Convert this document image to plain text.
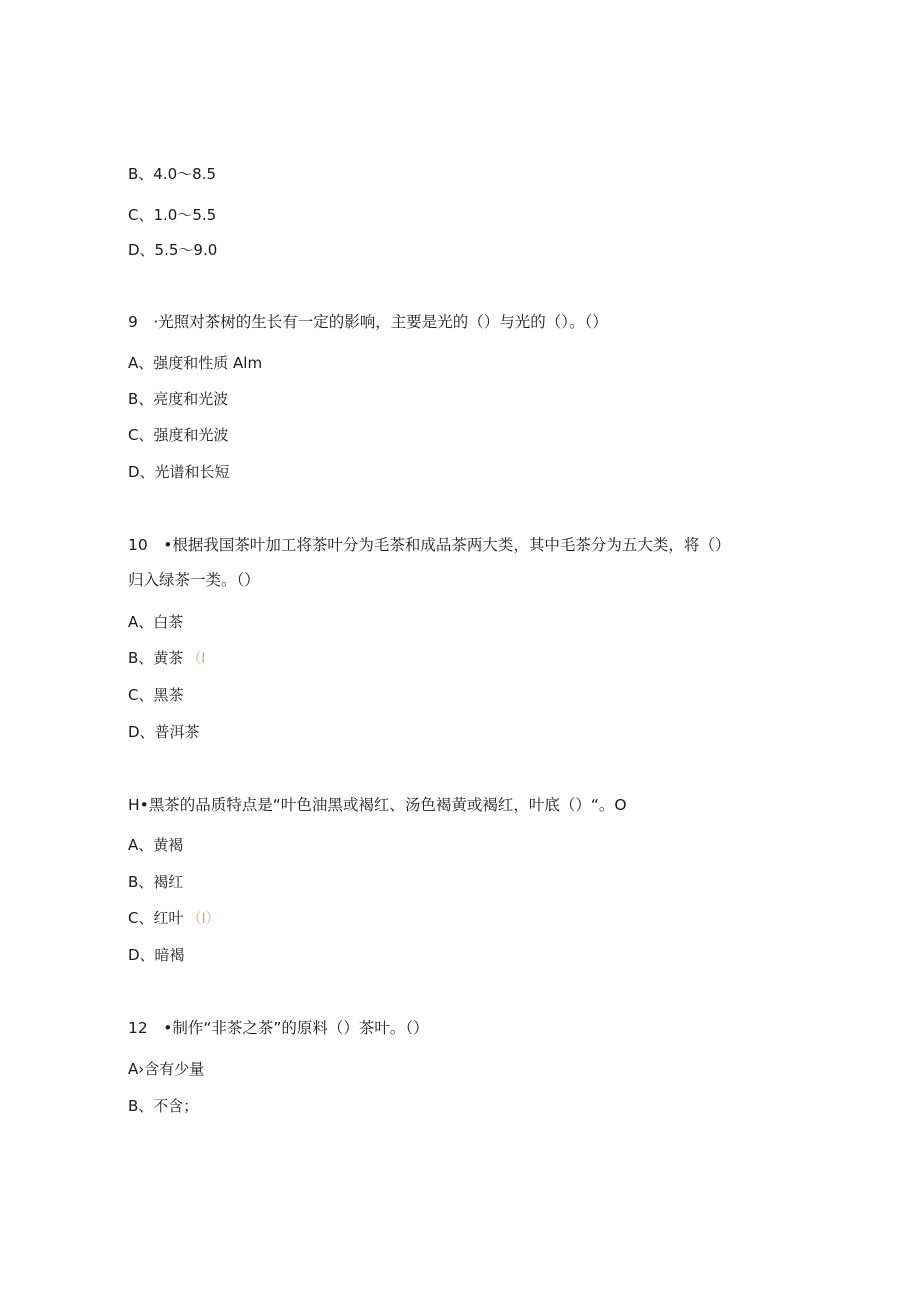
B、4.0～8.5
C、1.0～5.5
D、5.5～9.0
9　·光照对茶树的生长有一定的影响，主要是光的（）与光的（）。（）
A、强度和性质 Alm
B、亮度和光波
C、强度和光波
D、光谱和长短
10　•根据我国茶叶加工将茶叶分为毛茶和成品茶两大类，其中毛茶分为五大类，将（）
归入绿茶一类。（）
A、白茶
B、黄茶 （I
C、黑茶
D、普洱茶
H•黑茶的品质特点是“叶色油黑或褐红、汤色褐黄或褐红，叶底（）“。O
A、黄褐
B、褐红
C、红叶 （I）
D、暗褐
12　•制作“非茶之茶”的原料（）茶叶。（）
A›含有少量
B、不含；
